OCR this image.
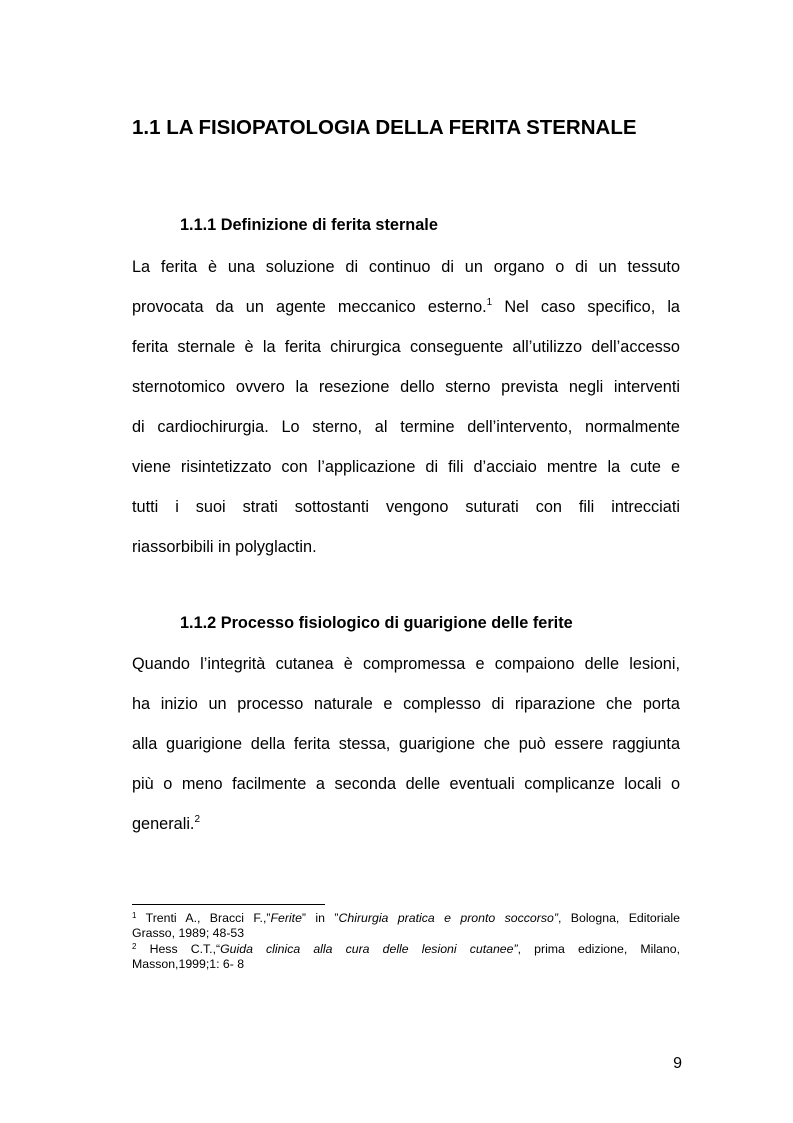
1.1 LA FISIOPATOLOGIA DELLA FERITA STERNALE
1.1.1 Definizione di ferita sternale
La ferita è una soluzione di continuo di un organo o di un tessuto
provocata da un agente meccanico esterno.$^1$ Nel caso specifico, la
ferita sternale è la ferita chirurgica conseguente all’utilizzo dell’accesso
sternotomico ovvero la resezione dello sterno prevista negli interventi
di cardiochirurgia. Lo sterno, al termine dell’intervento, normalmente
viene risintetizzato con l’applicazione di fili d’acciaio mentre la cute e
tutti i suoi strati sottostanti vengono suturati con fili intrecciati
riassorbibili in polyglactin.
1.1.2 Processo fisiologico di guarigione delle ferite
Quando l’integrità cutanea è compromessa e compaiono delle lesioni,
ha inizio un processo naturale e complesso di riparazione che porta
alla guarigione della ferita stessa, guarigione che può essere raggiunta
più o meno facilmente a seconda delle eventuali complicanze locali o
generali.$^2$
$^1$ Trenti A., Bracci F.,”Ferite” in ”Chirurgia pratica e pronto soccorso”, Bologna, Editoriale
Grasso, 1989; 48-53
$^2$ Hess C.T.,“Guida clinica alla cura delle lesioni cutanee”, prima edizione, Milano,
Masson,1999;1: 6- 8
9
